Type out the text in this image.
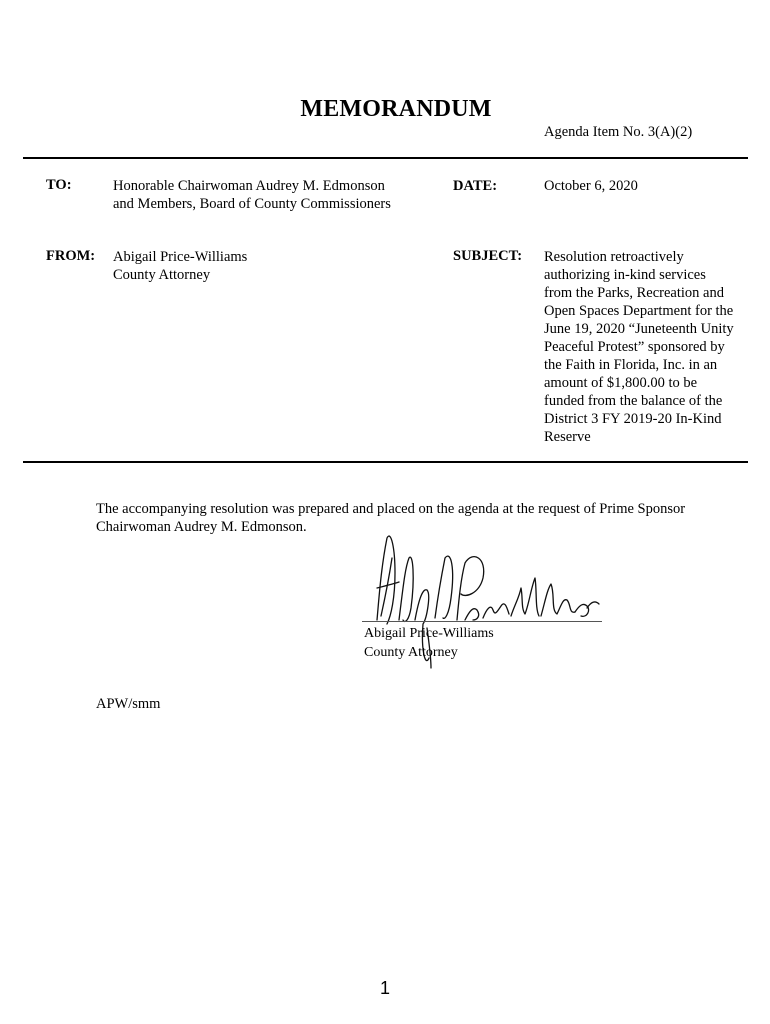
MEMORANDUM
Agenda Item No. 3(A)(2)
TO:	Honorable Chairwoman Audrey M. Edmonson
and Members, Board of County Commissioners
DATE:	October 6, 2020
FROM: Abigail Price-Williams
County Attorney
SUBJECT: Resolution retroactively
authorizing in-kind services
from the Parks, Recreation and
Open Spaces Department for the
June 19, 2020 “Juneteenth Unity
Peaceful Protest” sponsored by
the Faith in Florida, Inc. in an
amount of $1,800.00 to be
funded from the balance of the
District 3 FY 2019-20 In-Kind
Reserve
The accompanying resolution was prepared and placed on the agenda at the request of Prime Sponsor
Chairwoman Audrey M. Edmonson.
Abigail Price-Williams
County Attorney
APW/smm
1
